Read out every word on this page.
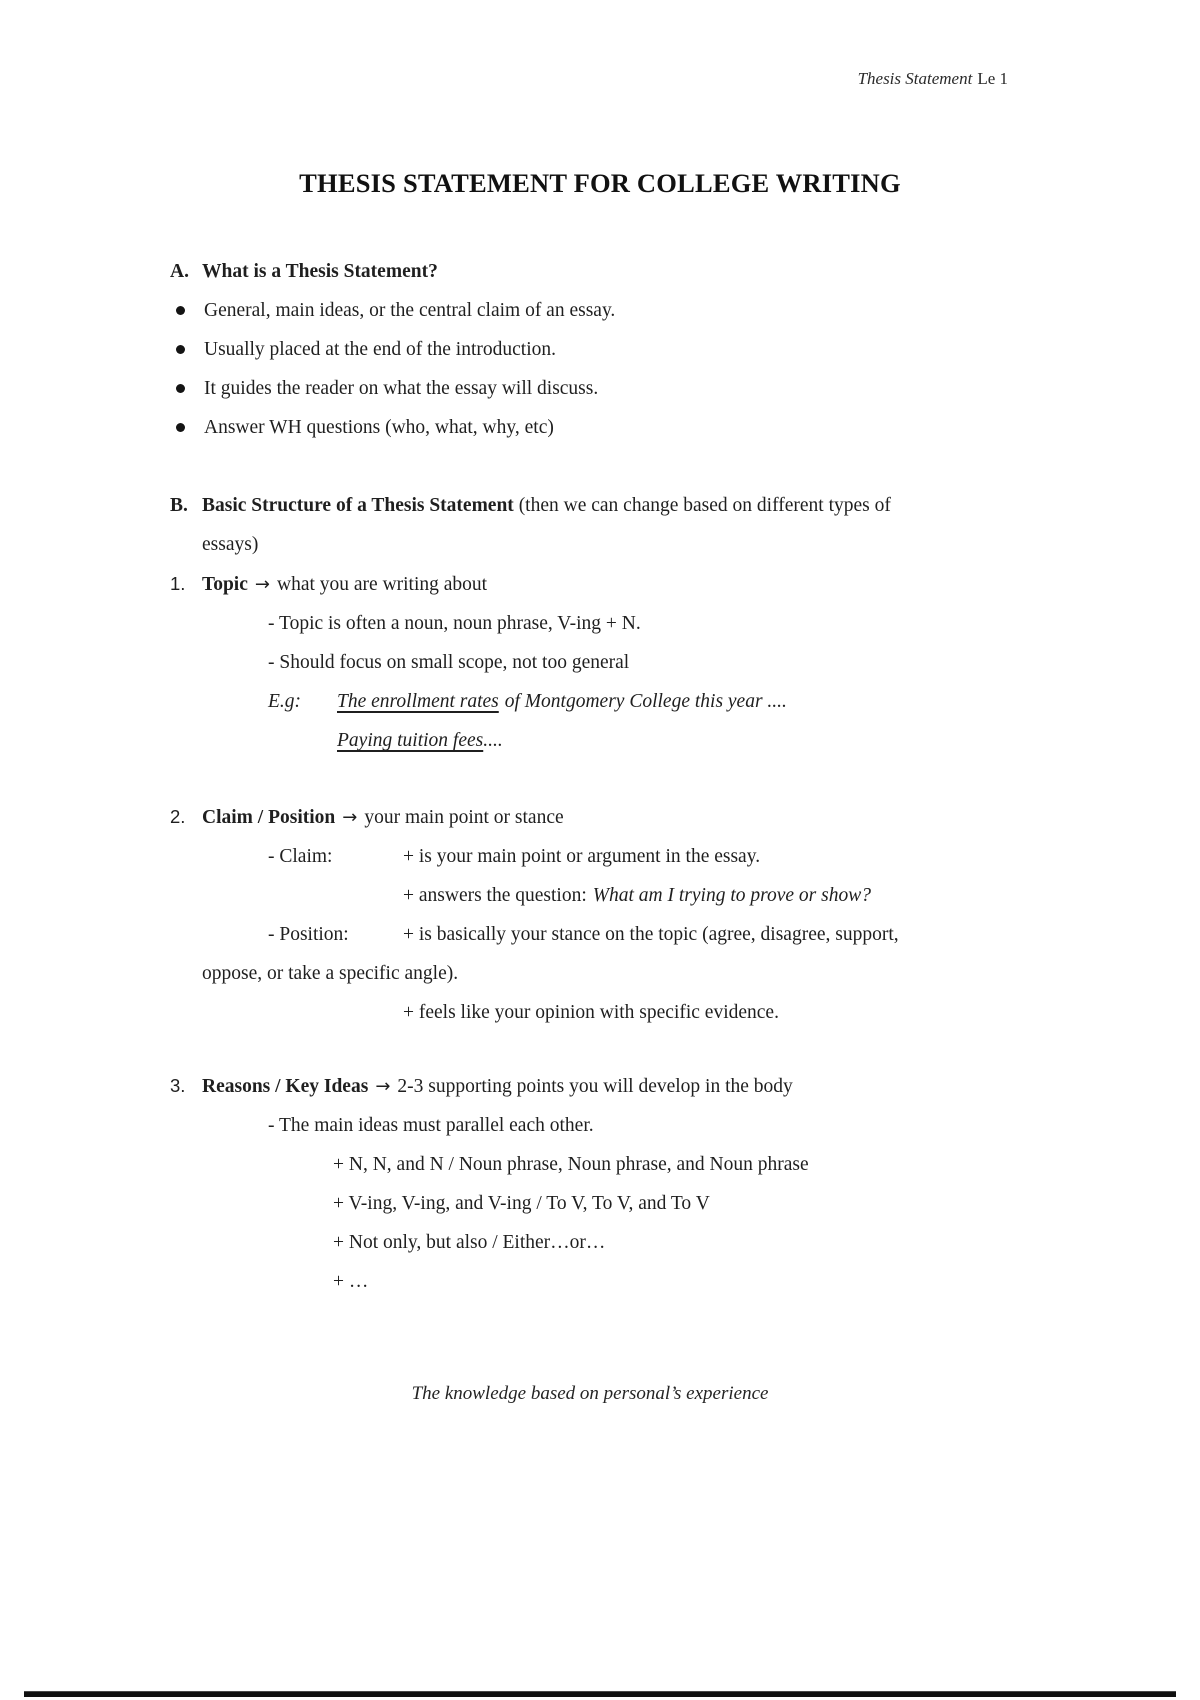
Thesis Statement Le 1
THESIS STATEMENT FOR COLLEGE WRITING
A. What is a Thesis Statement?
General, main ideas, or the central claim of an essay.
Usually placed at the end of the introduction.
It guides the reader on what the essay will discuss.
Answer WH questions (who, what, why, etc)
B. Basic Structure of a Thesis Statement (then we can change based on different types of
essays)
1. Topic → what you are writing about
- Topic is often a noun, noun phrase, V-ing + N.
- Should focus on small scope, not too general
E.g: The enrollment rates of Montgomery College this year ....
Paying tuition fees....
2. Claim / Position → your main point or stance
- Claim:	+ is your main point or argument in the essay.
+ answers the question: What am I trying to prove or show?
- Position:	+ is basically your stance on the topic (agree, disagree, support,
oppose, or take a specific angle).
+ feels like your opinion with specific evidence.
3. Reasons / Key Ideas → 2-3 supporting points you will develop in the body
- The main ideas must parallel each other.
+ N, N, and N / Noun phrase, Noun phrase, and Noun phrase
+ V-ing, V-ing, and V-ing / To V, To V, and To V
+ Not only, but also / Either…or…
+ …
The knowledge based on personal’s experience
